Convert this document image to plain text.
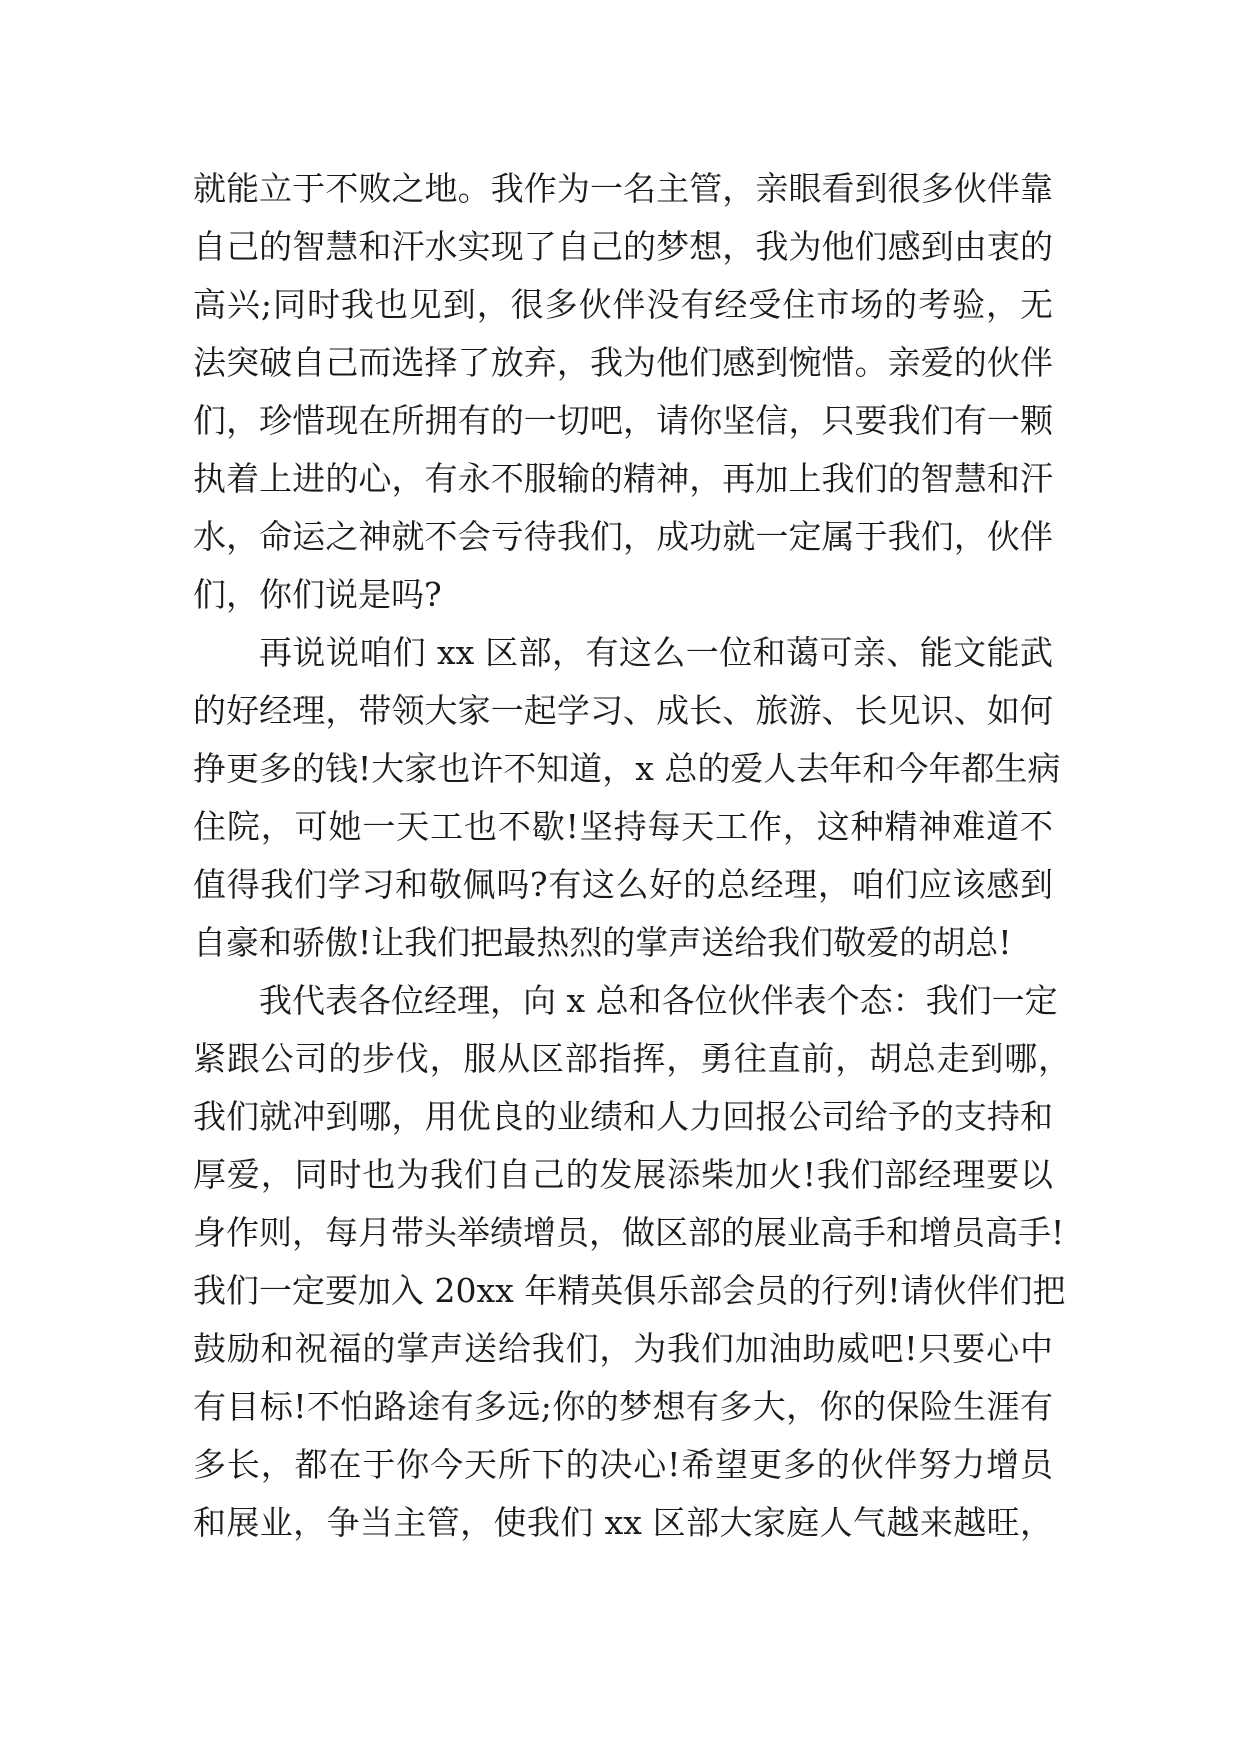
就能立于不败之地。我作为一名主管，亲眼看到很多伙伴靠
自己的智慧和汗水实现了自己的梦想，我为他们感到由衷的
高兴;同时我也见到，很多伙伴没有经受住市场的考验，无
法突破自己而选择了放弃，我为他们感到惋惜。亲爱的伙伴
们，珍惜现在所拥有的一切吧，请你坚信，只要我们有一颗
执着上进的心，有永不服输的精神，再加上我们的智慧和汗
水，命运之神就不会亏待我们，成功就一定属于我们，伙伴
们，你们说是吗?
再说说咱们 xx 区部，有这么一位和蔼可亲、能文能武
的好经理，带领大家一起学习、成长、旅游、长见识、如何
挣更多的钱!大家也许不知道，x 总的爱人去年和今年都生病
住院，可她一天工也不歇!坚持每天工作，这种精神难道不
值得我们学习和敬佩吗?有这么好的总经理，咱们应该感到
自豪和骄傲!让我们把最热烈的掌声送给我们敬爱的胡总!
我代表各位经理，向 x 总和各位伙伴表个态：我们一定
紧跟公司的步伐，服从区部指挥，勇往直前，胡总走到哪，
我们就冲到哪，用优良的业绩和人力回报公司给予的支持和
厚爱，同时也为我们自己的发展添柴加火!我们部经理要以
身作则，每月带头举绩增员，做区部的展业高手和增员高手!
我们一定要加入 20xx 年精英俱乐部会员的行列!请伙伴们把
鼓励和祝福的掌声送给我们，为我们加油助威吧!只要心中
有目标!不怕路途有多远;你的梦想有多大，你的保险生涯有
多长，都在于你今天所下的决心!希望更多的伙伴努力增员
和展业，争当主管，使我们 xx 区部大家庭人气越来越旺，
